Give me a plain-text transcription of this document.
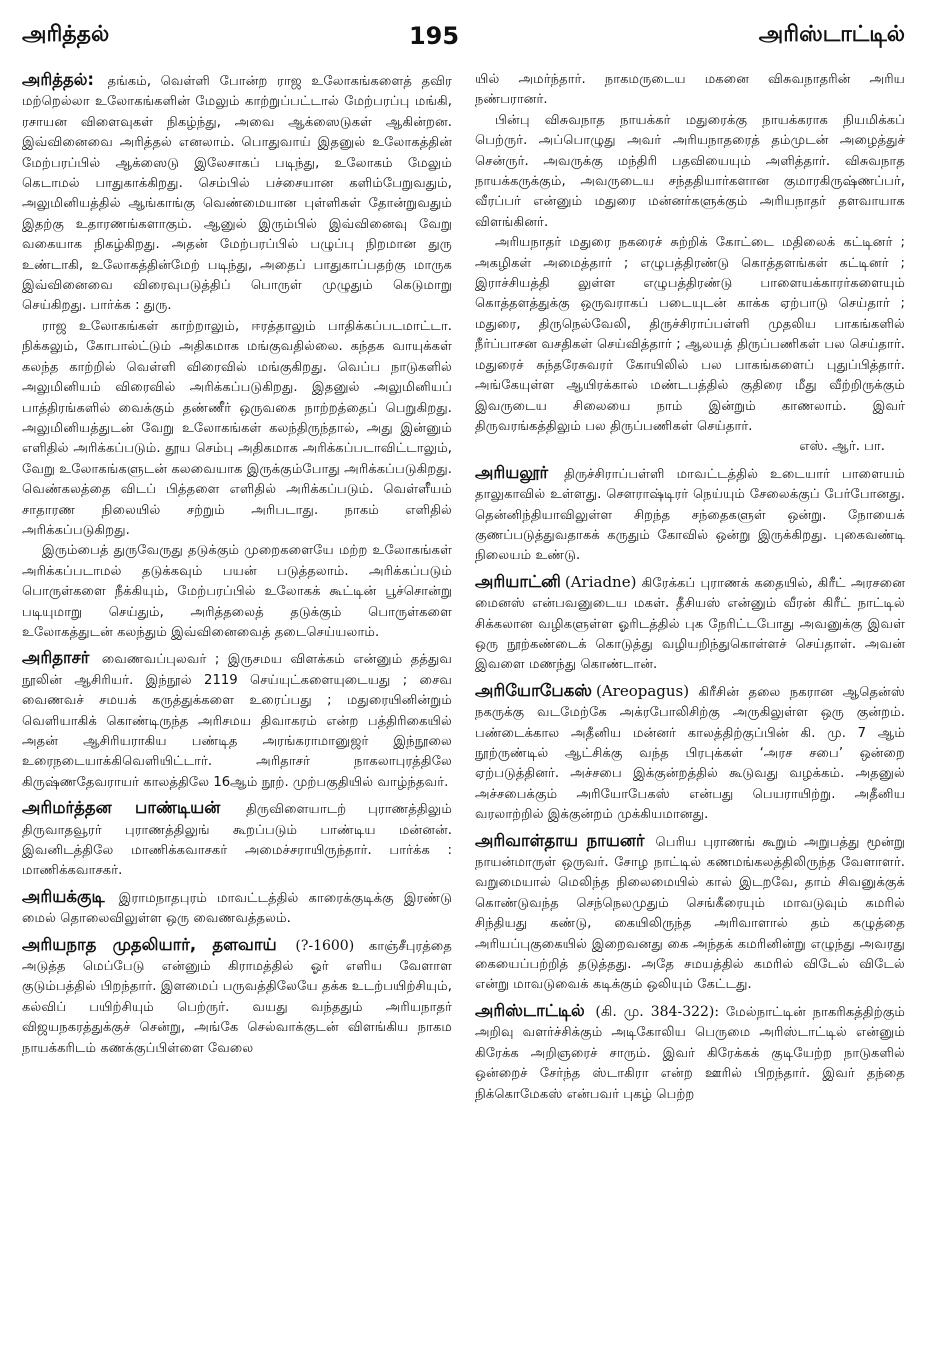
அரித்தல்	195	அரிஸ்டாட்டில்

அரித்தல்: தங்கம், வெள்ளி போன்ற ராஜ உலோகங்களைத் தவிர மற்றெல்லா உலோகங்களின் மேலும் காற்றுப்பட்டால் மேற்பரப்பு மங்கி, ரசாயன விளைவுகள் நிகழ்ந்து, அவை ஆக்ஸைடுகள் ஆகின்றன. இவ்வினைவை அரித்தல் எனலாம். பொதுவாய் இதனுல் உலோகத்தின் மேற்பரப்பில் ஆக்ஸைடு இலேசாகப் படிந்து, உலோகம் மேலும் கெடாமல் பாதுகாக்கிறது. செம்பில் பச்சையான களிம்பேறுவதும், அலுமினியத்தில் ஆங்காங்கு வெண்மையான புள்ளிகள் தோன்றுவதும் இதற்கு உதாரணங்களாகும். ஆனுல் இரும்பில் இவ்வினைவு வேறு வகையாக நிகழ்கிறது. அதன் மேற்பரப்பில் பழுப்பு நிறமான துரு உண்டாகி, உலோகத்தின்மேற் படிந்து, அதைப் பாதுகாப்பதற்கு மாருக இவ்வினைவை விரைவுபடுத்திப் பொருள் முழுதும் கெடுமாறு செய்கிறது. பார்க்க : துரு.

ராஜ உலோகங்கள் காற்றாலும், ஈரத்தாலும் பாதிக்கப்படமாட்டா. நிக்கலும், கோபால்ட்டும் அதிகமாக மங்குவதில்லை. கந்தக வாயுக்கள் கலந்த காற்றில் வெள்ளி விரைவில் மங்குகிறது. வெப்ப நாடுகளில் அலுமினியம் விரைவில் அரிக்கப்படுகிறது. இதனுல் அலுமினியப் பாத்திரங்களில் வைக்கும் தண்ணீர் ஒருவகை நாற்றத்தைப் பெறுகிறது. அலுமினியத்துடன் வேறு உலோகங்கள் கலந்திருந்தால், அது இன்னும் எளிதில் அரிக்கப்படும். தூய செம்பு அதிகமாக அரிக்கப்படாவிட்டாலும், வேறு உலோகங்களுடன் கலவையாக இருக்கும்போது அரிக்கப்படுகிறது. வெண்கலத்தை விடப் பித்தளை எளிதில் அரிக்கப்படும். வெள்ளீயம் சாதாரண நிலையில் சற்றும் அரிபடாது. நாகம் எளிதில் அரிக்கப்படுகிறது.

இரும்பைத் துருவேருது தடுக்கும் முறைகளையே மற்ற உலோகங்கள் அரிக்கப்படாமல் தடுக்கவும் பயன் படுத்தலாம். அரிக்கப்படும் பொருள்களை நீக்கியும், மேற்பரப்பில் உலோகக் கூட்டின் பூச்சொன்று படியுமாறு செய்தும், அரித்தலைத் தடுக்கும் பொருள்களை உலோகத்துடன் கலந்தும் இவ்வினைவைத் தடைசெய்யலாம்.

அரிதாசர் வைணவப்புலவர் ; இருசமய விளக்கம் என்னும் தத்துவ நூலின் ஆசிரியர். இந்நூல் 2119 செய்யுட்களையுடையது ; சைவ வைணவச் சமயக் கருத்துக்களை உரைப்பது ; மதுரையினின்றும் வெளியாகிக் கொண்டிருந்த அரிசமய திவாகரம் என்ற பத்திரிகையில் அதன் ஆசிரியராகிய பண்டித அரங்கராமானுஜர் இந்நூலை உரைநடையாக்கிவெளியிட்டார். அரிதாசர் நாகலாபுரத்திலே கிருஷ்ணதேவராயர் காலத்திலே 16ஆம் நூற். முற்பகுதியில் வாழ்ந்தவர்.

அரிமர்த்தன பாண்டியன் திருவிளையாடற் புராணத்திலும் திருவாதவூரர் புராணத்திலுங் கூறப்படும் பாண்டிய மன்னன். இவனிடத்திலே மாணிக்கவாசகர் அமைச்சராயிருந்தார். பார்க்க : மாணிக்கவாசகர்.

அரியக்குடி இராமநாதபுரம் மாவட்டத்தில் காரைக்குடிக்கு இரண்டு மைல் தொலைவிலுள்ள ஒரு வைணவத்தலம்.

அரியநாத முதலியார், தளவாய் (?-1600) காஞ்சீபுரத்தை அடுத்த மெப்பேடு என்னும் கிராமத்தில் ஓர் எளிய வேளாள குடும்பத்தில் பிறந்தார். இளமைப் பருவத்திலேயே தக்க உடற்பயிற்சியும், கல்விப் பயிற்சியும் பெற்ருர். வயது வந்ததும் அரியநாதர் விஜயநகரத்துக்குச் சென்று, அங்கே செல்வாக்குடன் விளங்கிய நாகம நாயக்கரிடம் கணக்குப்பிள்ளை வேலை

யில் அமர்ந்தார். நாகமருடைய மகனை விசுவநாதரின் அரிய நண்பரானர்.

பின்பு விசுவநாத நாயக்கர் மதுரைக்கு நாயக்கராக நியமிக்கப் பெற்ருர். அப்பொழுது அவர் அரியநாதரைத் தம்முடன் அழைத்துச் சென்ருர். அவருக்கு மந்திரி பதவியையும் அளித்தார். விசுவநாத நாயக்கருக்கும், அவருடைய சந்ததியார்களான குமாரகிருஷ்ணப்பர், வீரப்பர் என்னும் மதுரை மன்னர்களுக்கும் அரியநாதர் தளவாயாக விளங்கினர்.

அரியநாதர் மதுரை நகரைச் சுற்றிக் கோட்டை மதிலைக் கட்டினர் ; அகழிகள் அமைத்தார் ; எழுபத்திரண்டு கொத்தளங்கள் கட்டினர் ; இராச்சியத்தி லுள்ள எழுபத்திரண்டு பாளையக்காரர்களையும் கொத்தளத்துக்கு ஒருவராகப் படையுடன் காக்க ஏற்பாடு செய்தார் ; மதுரை, திருநெல்வேலி, திருச்சிராப்பள்ளி முதலிய பாகங்களில் நீர்ப்பாசன வசதிகள் செய்வித்தார் ; ஆலயத் திருப்பணிகள் பல செய்தார். மதுரைச் சுந்தரேசுவரர் கோயிலில் பல பாகங்களைப் புதுப்பித்தார். அங்கேயுள்ள ஆயிரக்கால் மண்டபத்தில் குதிரை மீது வீற்றிருக்கும் இவருடைய சிலையை நாம் இன்றும் காணலாம். இவர் திருவரங்கத்திலும் பல திருப்பணிகள் செய்தார்.

எஸ். ஆர். பா.

அரியலூர் திருச்சிராப்பள்ளி மாவட்டத்தில் உடையார் பாளையம் தாலுகாவில் உள்ளது. சௌராஷ்டிரர் நெய்யும் சேலைக்குப் பேர்போனது. தென்னிந்தியாவிலுள்ள சிறந்த சந்தைகளுள் ஒன்று. நோயைக் குணப்படுத்துவதாகக் கருதும் கோவில் ஒன்று இருக்கிறது. புகைவண்டி நிலையம் உண்டு.

அரியாட்னி (Ariadne) கிரேக்கப் புராணக் கதையில், கிரீட் அரசனை மைனஸ் என்பவனுடைய மகள். தீசியஸ் என்னும் வீரன் கிரீட் நாட்டில் சிக்கலான வழிகளுள்ள ஓரிடத்தில் புக நேரிட்டபோது அவனுக்கு இவள் ஒரு நூற்கண்டைக் கொடுத்து வழியறிந்துகொள்ளச் செய்தாள். அவன் இவளை மணந்து கொண்டான்.

அரியோபேகஸ் (Areopagus) கிரீசின் தலை நகரான ஆதென்ஸ் நகருக்கு வடமேற்கே அக்ரபோலிசிற்கு அருகிலுள்ள ஒரு குன்றம். பண்டைக்கால அதீனிய மன்னர் காலத்திற்குப்பின் கி. மு. 7 ஆம் நூற்ருண்டில் ஆட்சிக்கு வந்த பிரபுக்கள் ‘அரச சபை’ ஒன்றை ஏற்படுத்தினர். அச்சபை இக்குன்றத்தில் கூடுவது வழக்கம். அதனுல் அச்சபைக்கும் அரியோபேகஸ் என்பது பெயராயிற்று. அதீனிய வரலாற்றில் இக்குன்றம் முக்கியமானது.

அரிவாள்தாய நாயனர் பெரிய புராணங் கூறும் அறுபத்து மூன்று நாயன்மாருள் ஒருவர். சோழ நாட்டில் கணமங்கலத்திலிருந்த வேளாளர். வறுமையால் மெலிந்த நிலைமையில் கால் இடறவே, தாம் சிவனுக்குக் கொண்டுவந்த செந்நெலமுதும் செங்கீரையும் மாவடுவும் கமரில் சிந்தியது கண்டு, கையிலிருந்த அரிவாளால் தம் கழுத்தை அரியப்புகுகையில் இறைவனது கை அந்தக் கமரினின்று எழுந்து அவரது கையைப்பற்றித் தடுத்தது. அதே சமயத்தில் கமரில் விடேல் விடேல் என்று மாவடுவைக் கடிக்கும் ஒலியும் கேட்டது.

அரிஸ்டாட்டில் (கி. மு. 384-322): மேல்நாட்டின் நாகரிகத்திற்கும் அறிவு வளர்ச்சிக்கும் அடிகோலிய பெருமை அரிஸ்டாட்டில் என்னும் கிரேக்க அறிஞரைச் சாரும். இவர் கிரேக்கக் குடியேற்ற நாடுகளில் ஒன்றைச் சேர்ந்த ஸ்டாகிரா என்ற ஊரில் பிறந்தார். இவர் தந்தை நிக்கொமேகஸ் என்பவர் புகழ் பெற்ற
